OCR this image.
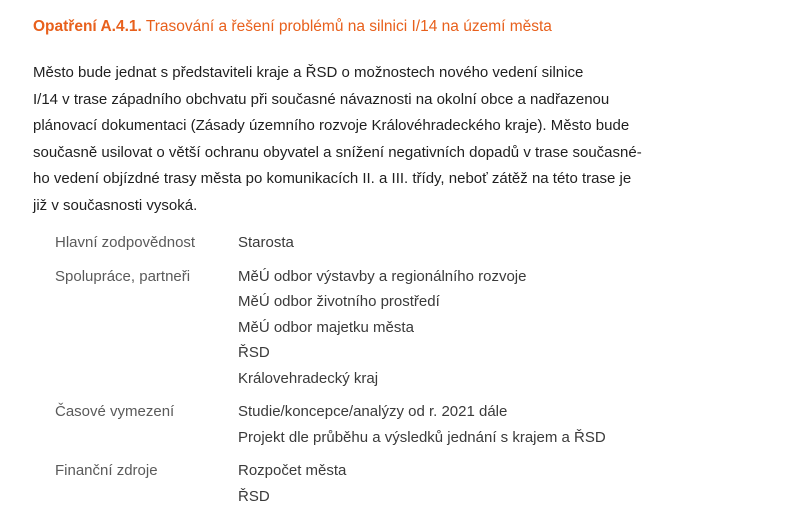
Opatření A.4.1. Trasování a řešení problémů na silnici I/14 na území města
Město bude jednat s představiteli kraje a ŘSD o možnostech nového vedení silnice
I/14 v trase západního obchvatu při současné návaznosti na okolní obce a nadřazenou
plánovací dokumentaci (Zásady územního rozvoje Královéhradeckého kraje). Město bude
současně usilovat o větší ochranu obyvatel a snížení negativních dopadů v trase současné-
ho vedení objízdné trasy města po komunikacích II. a III. třídy, neboť zátěž na této trase je
již v současnosti vysoká.
Hlavní zodpovědnost	Starosta
Spolupráce, partneři	MěÚ odbor výstavby a regionálního rozvoje
MěÚ odbor životního prostředí
MěÚ odbor majetku města
ŘSD
Královehradecký kraj
Časové vymezení	Studie/koncepce/analýzy od r. 2021 dále
Projekt dle průběhu a výsledků jednání s krajem a ŘSD
Finanční zdroje	Rozpočet města
ŘSD
